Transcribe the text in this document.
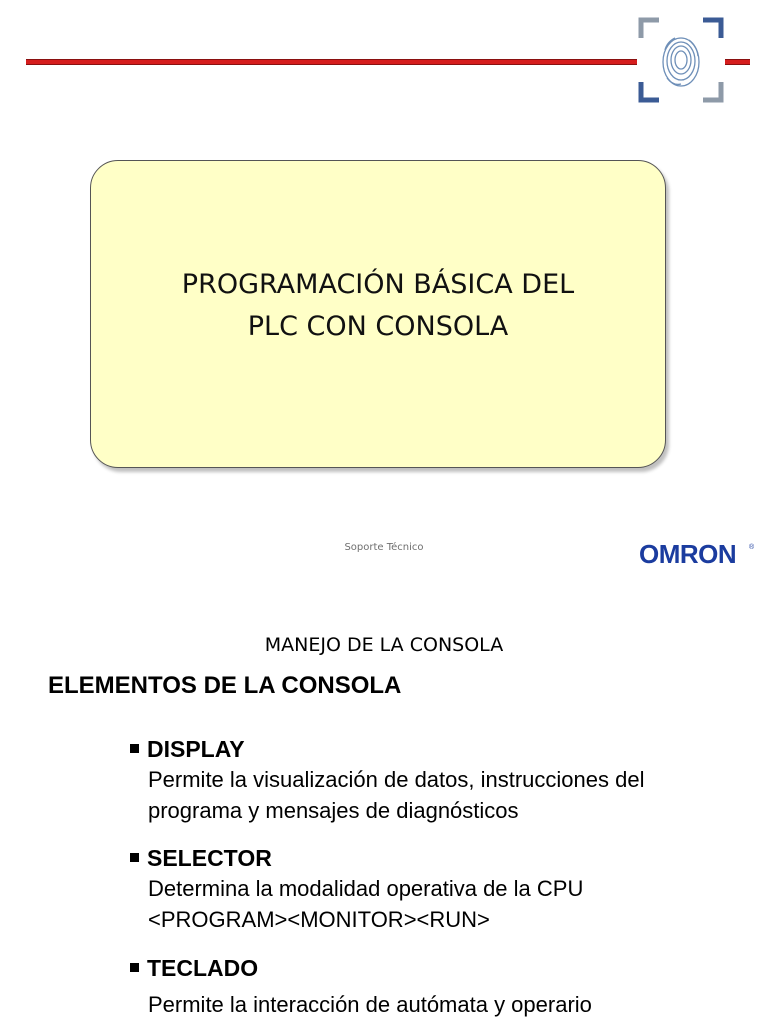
PROGRAMACIÓN BÁSICA DEL
PLC CON CONSOLA
Soporte Técnico	OMRON ®
MANEJO DE LA CONSOLA
ELEMENTOS DE LA CONSOLA
DISPLAY
Permite la visualización de datos, instrucciones del
programa y mensajes de diagnósticos
SELECTOR
Determina la modalidad operativa de la CPU
<PROGRAM><MONITOR><RUN>
TECLADO
Permite la interacción de autómata y operario
